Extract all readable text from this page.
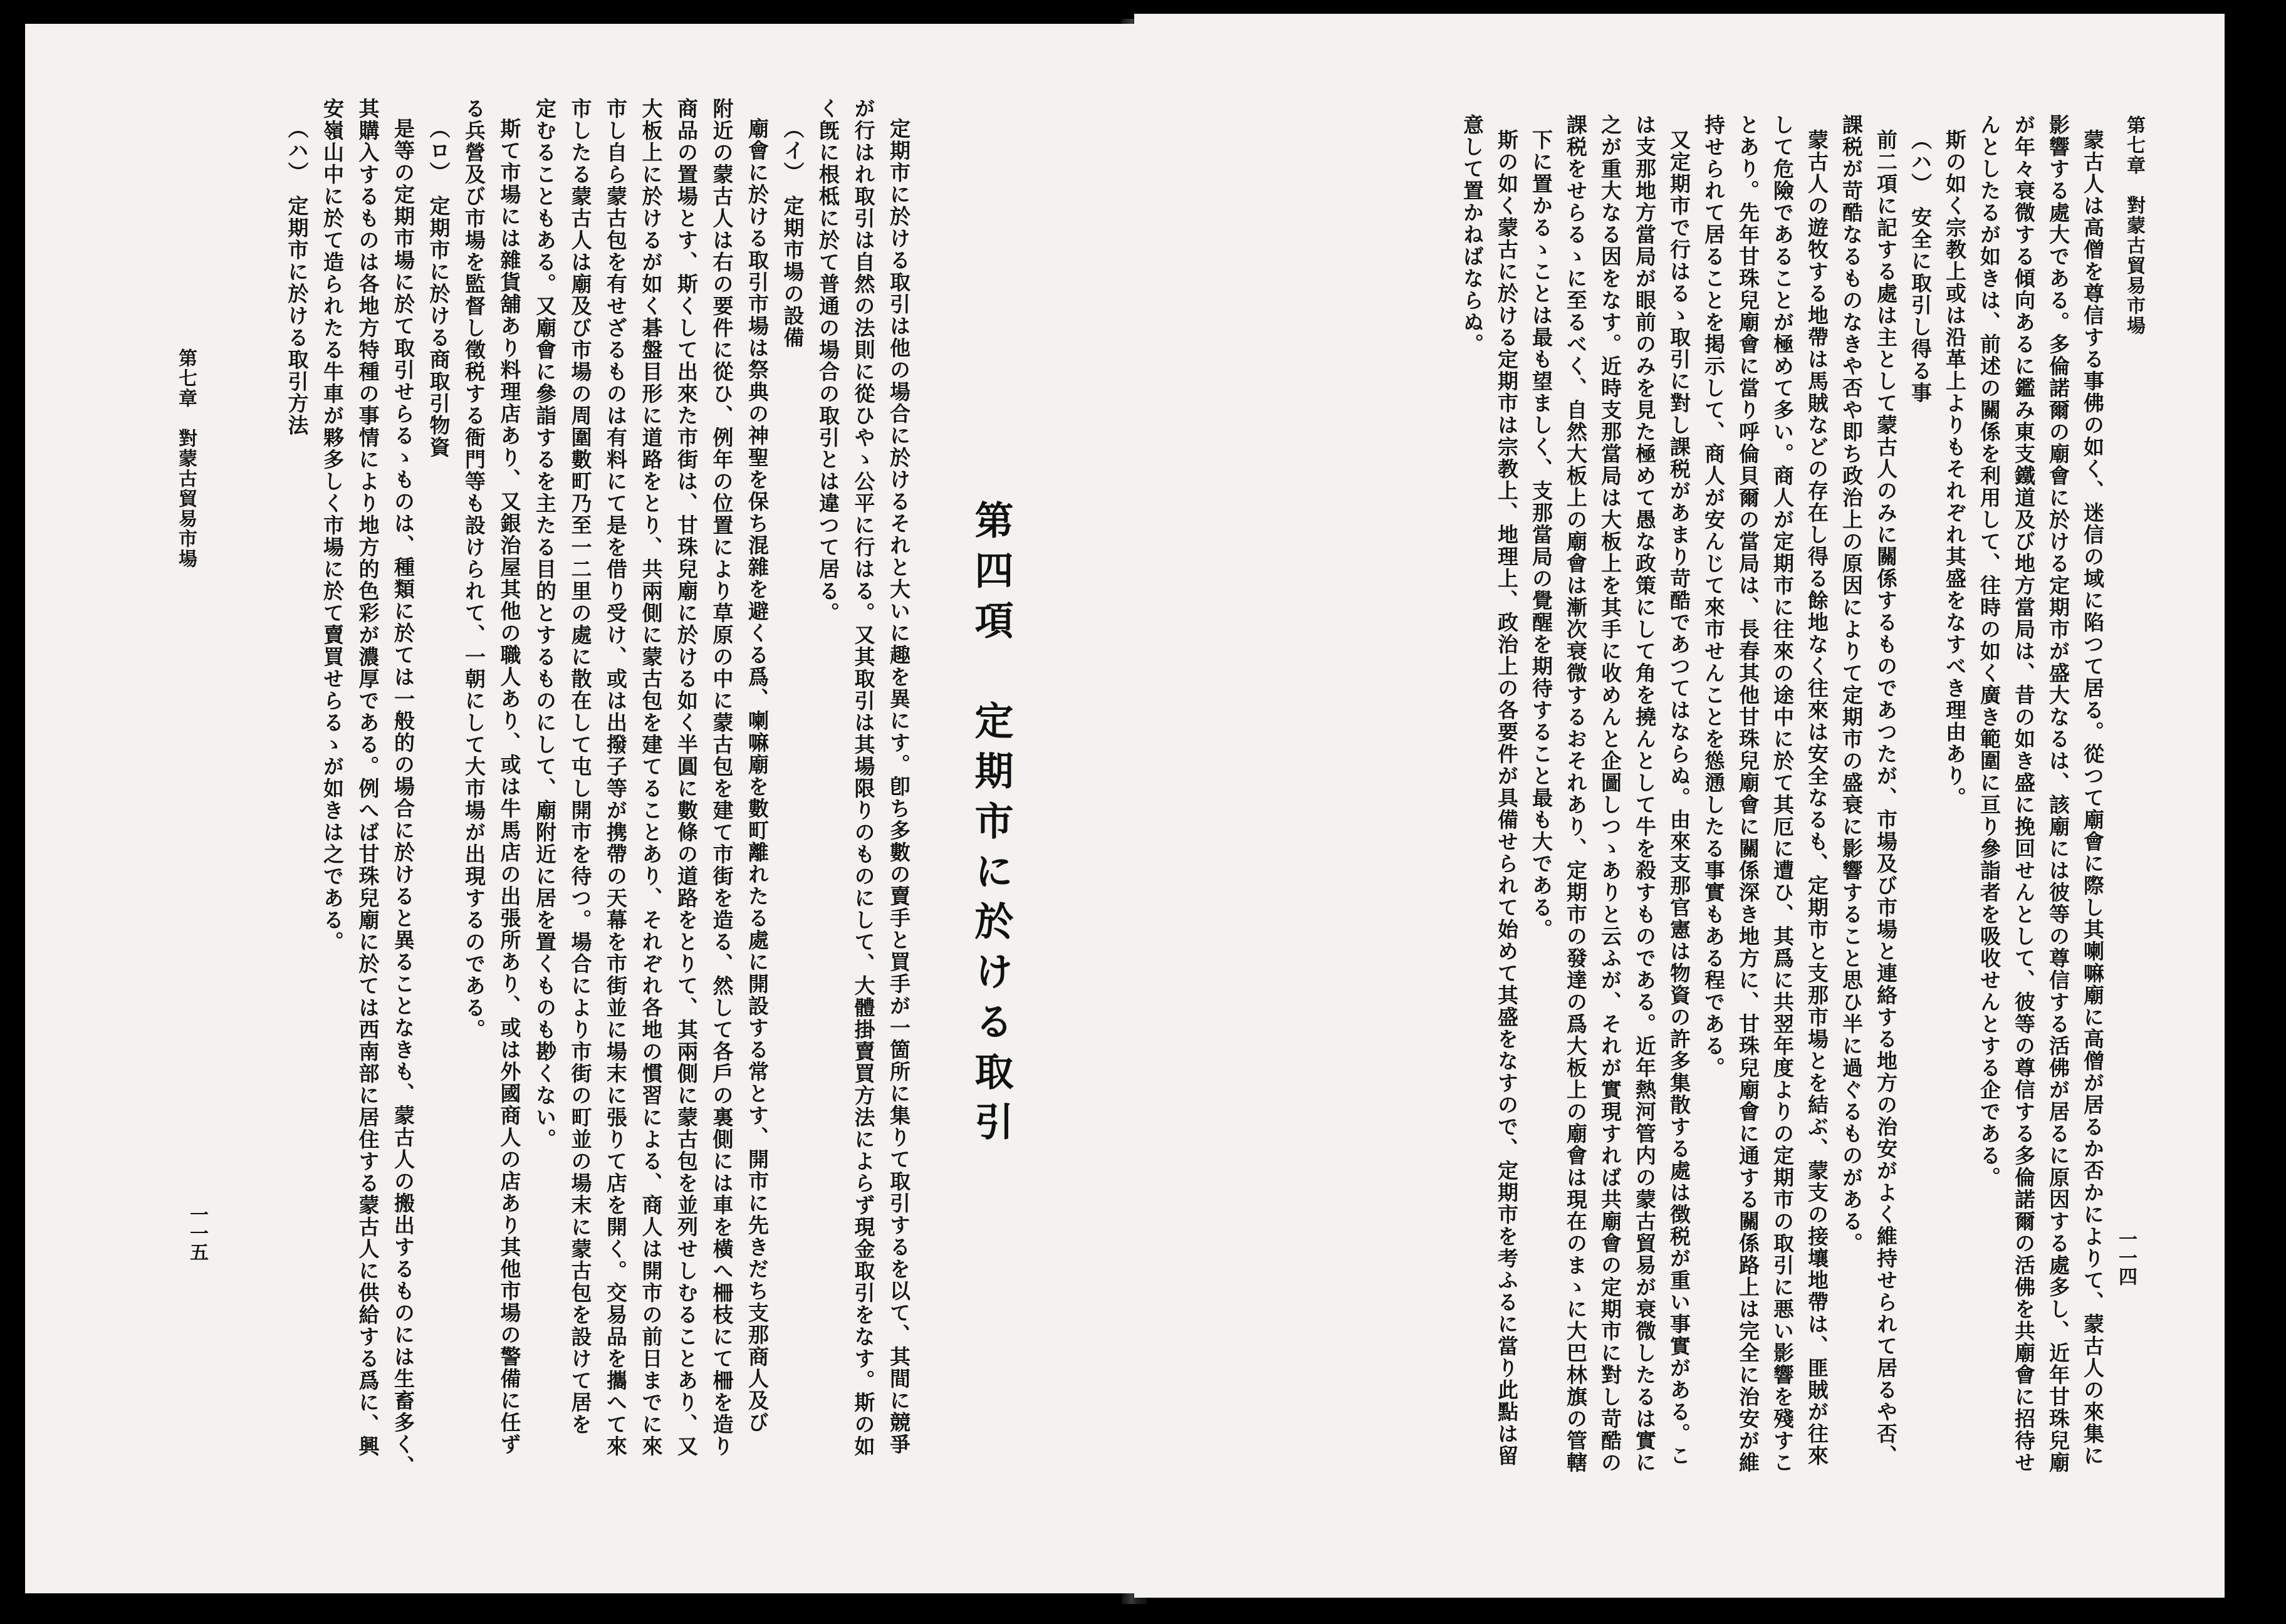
一一五	定期市に於ける取引は他の場合に於けるそれと大いに趣を異にす。卽ち多數の賣手と買手が一箇所に集りて取引するを以て、其間に競爭
が行はれ取引は自然の法則に從ひやゝ公平に行はる。又其取引は其場限りのものにして、大體掛賣買方法によらず現金取引をなす。斯の如
く旣に根柢に於て普通の場合の取引とは違つて居る。
（イ）　定期市場の設備
廟會に於ける取引市場は祭典の神聖を保ち混雜を避くる爲、喇嘛廟を數町離れたる處に開設する常とす、開市に先きだち支那商人及び
附近の蒙古人は右の要件に從ひ、例年の位置により草原の中に蒙古包を建て市街を造る、然して各戶の裏側には車を橫へ柵枝にて柵を造り
商品の置場とす、斯くして出來た市街は、甘珠兒廟に於ける如く半圓に數條の道路をとりて、其兩側に蒙古包を並列せしむることあり、又
大板上に於けるが如く碁盤目形に道路をとり、共兩側に蒙古包を建てることあり、それぞれ各地の慣習による、商人は開市の前日までに來
市し自ら蒙古包を有せざるものは有料にて是を借り受け、或は出撥子等が携帶の天幕を市街並に場末に張りて店を開く。交易品を攜へて來
市したる蒙古人は廟及び市場の周圍數町乃至一二里の處に散在して屯し開市を待つ。場合により市街の町並の場末に蒙古包を設けて居を
定むることもある。又廟會に參詣するを主たる目的とするものにして、廟附近に居を置くものも尠くない。
斯て市場には雜貨舖あり料理店あり、又銀治屋其他の職人あり、或は牛馬店の出張所あり、或は外國商人の店あり其他市場の警備に任ず
る兵營及び市場を監督し徵税する衙門等も設けられて、一朝にして大市場が出現するのである。
（ロ）　定期市に於ける商取引物資
是等の定期市場に於て取引せらるゝものは、種類に於ては一般的の場合に於けると異ることなきも、蒙古人の搬出するものには生畜多く、
其購入するものは各地方特種の事情により地方的色彩が濃厚である。例へば甘珠兒廟に於ては西南部に居住する蒙古人に供給する爲に、興
安嶺山中に於て造られたる牛車が夥多しく市場に於て賣買せらるゝが如きは之である。
（ハ）　定期市に於ける取引方法
第四項　定期市に於ける取引
第七章　對蒙古貿易市場
第七章　對蒙古貿易市場
一一四
蒙古人は高僧を尊信する事佛の如く、迷信の域に陷つて居る。從つて廟會に際し其喇嘛廟に高僧が居るか否かによりて、蒙古人の來集に
影響する處大である。多倫諾爾の廟會に於ける定期市が盛大なるは、該廟には彼等の尊信する活佛が居るに原因する處多し、近年甘珠兒廟
が年々衰微する傾向あるに鑑み東支鐵道及び地方當局は、昔の如き盛に挽回せんとして、彼等の尊信する多倫諾爾の活佛を共廟會に招待せ
んとしたるが如きは、前述の關係を利用して、往時の如く廣き範圍に亘り參詣者を吸收せんとする企である。
斯の如く宗教上或は沿革上よりもそれぞれ其盛をなすべき理由あり。
（ハ）　安全に取引し得る事
前二項に記する處は主として蒙古人のみに關係するものであつたが、市場及び市場と連絡する地方の治安がよく維持せられて居るや否、
課税が苛酷なるものなきや否や即ち政治上の原因によりて定期市の盛衰に影響すること思ひ半に過ぐるものがある。
蒙古人の遊牧する地帶は馬賊などの存在し得る餘地なく往來は安全なるも、定期市と支那市場とを結ぶ、蒙支の接壤地帶は、匪賊が往來
して危險であることが極めて多い。商人が定期市に往來の途中に於て其厄に遭ひ、其爲に共翌年度よりの定期市の取引に悪い影響を殘すこ
とあり。先年甘珠兒廟會に當り呼倫貝爾の當局は、長春其他甘珠兒廟會に關係深き地方に、甘珠兒廟會に通する關係路上は完全に治安が維
持せられて居ることを掲示して、商人が安んじて來市せんことを慫慂したる事實もある程である。
又定期市で行はるゝ取引に對し課税があまり苛酷であつてはならぬ。由來支那官憲は物資の許多集散する處は徴税が重い事實がある。こ
は支那地方當局が眼前のみを見た極めて愚な政策にして角を撓んとして牛を殺すものである。近年熱河管内の蒙古貿易が衰微したるは實に
之が重大なる因をなす。近時支那當局は大板上を其手に收めんと企圖しつゝありと云ふが、それが實現すれば共廟會の定期市に對し苛酷の
課税をせらるゝに至るべく、自然大板上の廟會は漸次衰微するおそれあり、定期市の發達の爲大板上の廟會は現在のまゝに大巴林旗の管轄
下に置かるゝことは最も望ましく、支那當局の覺醒を期待すること最も大である。
斯の如く蒙古に於ける定期市は宗教上、地理上、政治上の各要件が具備せられて始めて其盛をなすので、定期市を考ふるに當り此點は留
意して置かねばならぬ。
